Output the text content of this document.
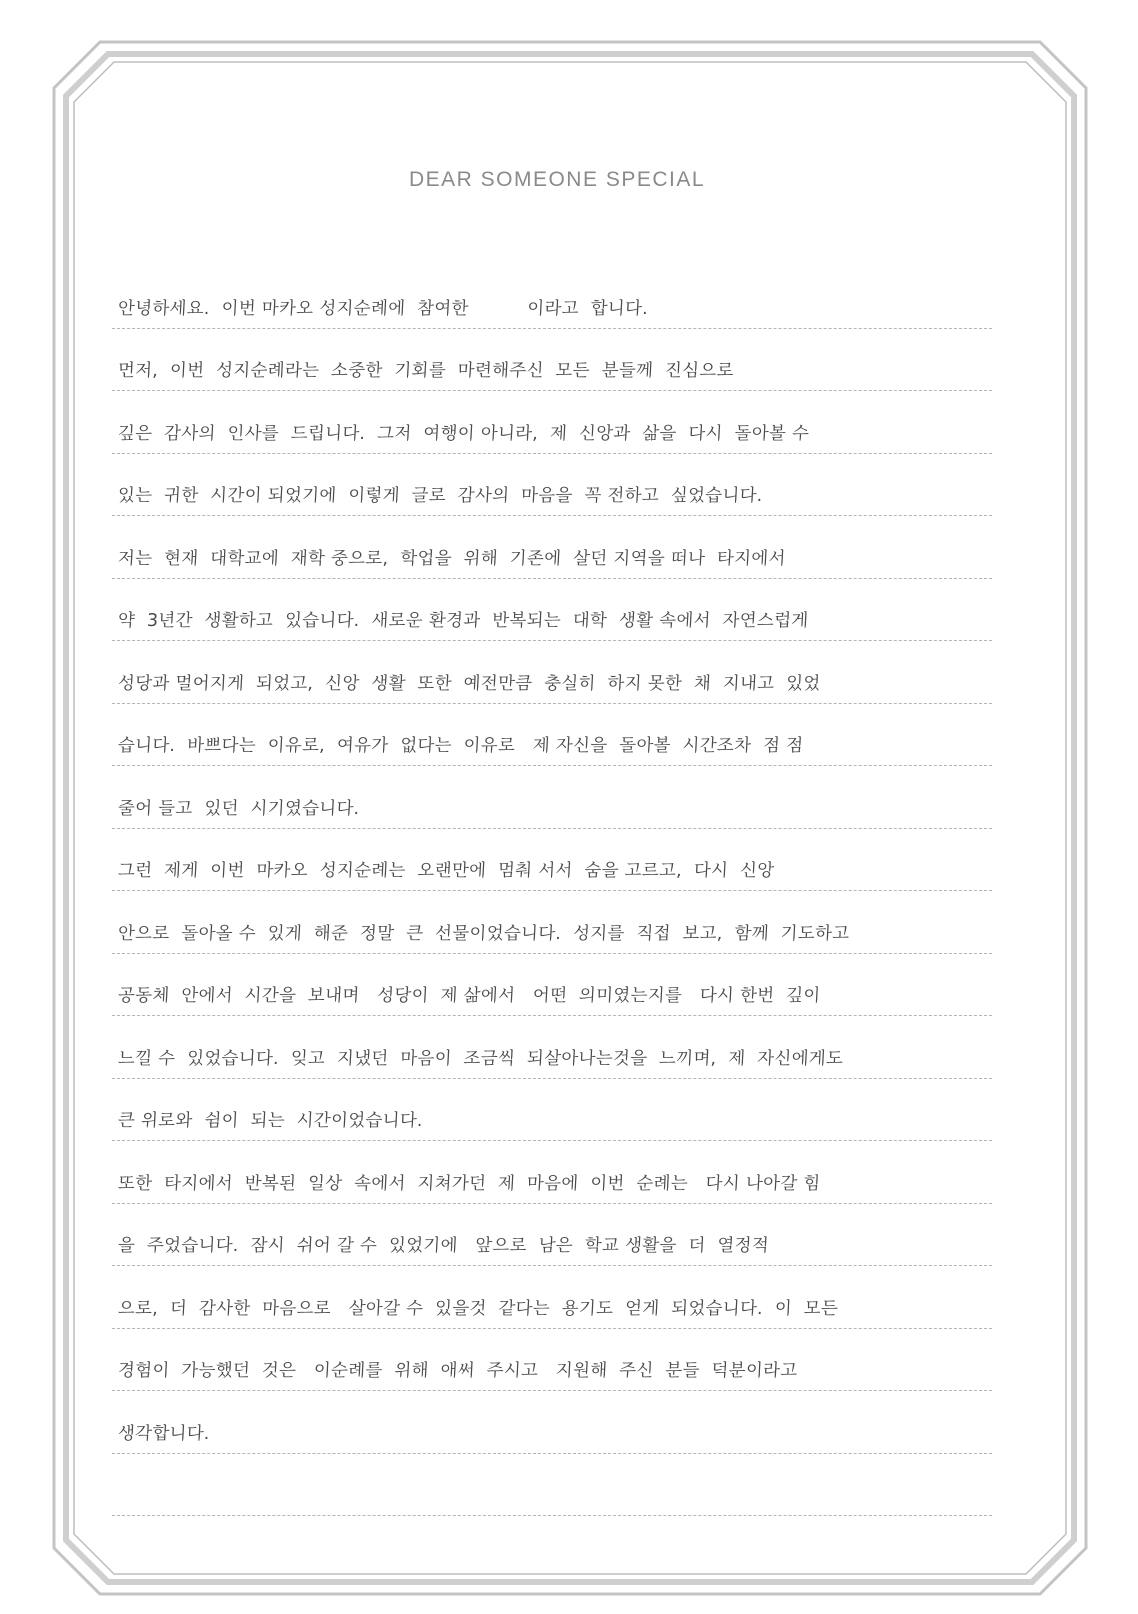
DEAR SOMEONE SPECIAL
안녕하세요.  이번 마카오 성지순례에  참여한          이라고  합니다.
먼저,  이번  성지순례라는  소중한  기회를  마련해주신  모든  분들께  진심으로
깊은  감사의  인사를  드립니다.  그저  여행이 아니라,  제  신앙과  삶을  다시  돌아볼 수
있는  귀한  시간이 되었기에  이렇게  글로  감사의  마음을  꼭 전하고  싶었습니다.
저는  현재  대학교에  재학 중으로,  학업을  위해  기존에  살던 지역을 떠나  타지에서
약  3년간  생활하고  있습니다.  새로운 환경과  반복되는  대학  생활 속에서  자연스럽게
성당과 멀어지게  되었고,  신앙  생활  또한  예전만큼  충실히  하지 못한  채  지내고  있었
습니다.  바쁘다는  이유로,  여유가  없다는  이유로   제 자신을  돌아볼  시간조차  점 점
줄어 들고  있던  시기였습니다.
그런  제게  이번  마카오  성지순례는  오랜만에  멈춰 서서  숨을 고르고,  다시  신앙
안으로  돌아올 수  있게  해준  정말  큰  선물이었습니다.  성지를  직접  보고,  함께  기도하고
공동체  안에서  시간을  보내며   성당이  제 삶에서   어떤  의미였는지를   다시 한번  깊이
느낄 수  있었습니다.  잊고  지냈던  마음이  조금씩  되살아나는것을  느끼며,  제  자신에게도
큰 위로와  쉼이  되는  시간이었습니다.
또한  타지에서  반복된  일상  속에서  지쳐가던  제  마음에  이번  순례는   다시 나아갈 힘
을  주었습니다.  잠시  쉬어 갈 수  있었기에   앞으로  남은  학교 생활을  더  열정적
으로,  더  감사한  마음으로   살아갈 수  있을것  같다는  용기도  얻게  되었습니다.  이  모든
경험이  가능했던  것은   이순례를  위해  애써  주시고   지원해  주신  분들  덕분이라고
생각합니다.
